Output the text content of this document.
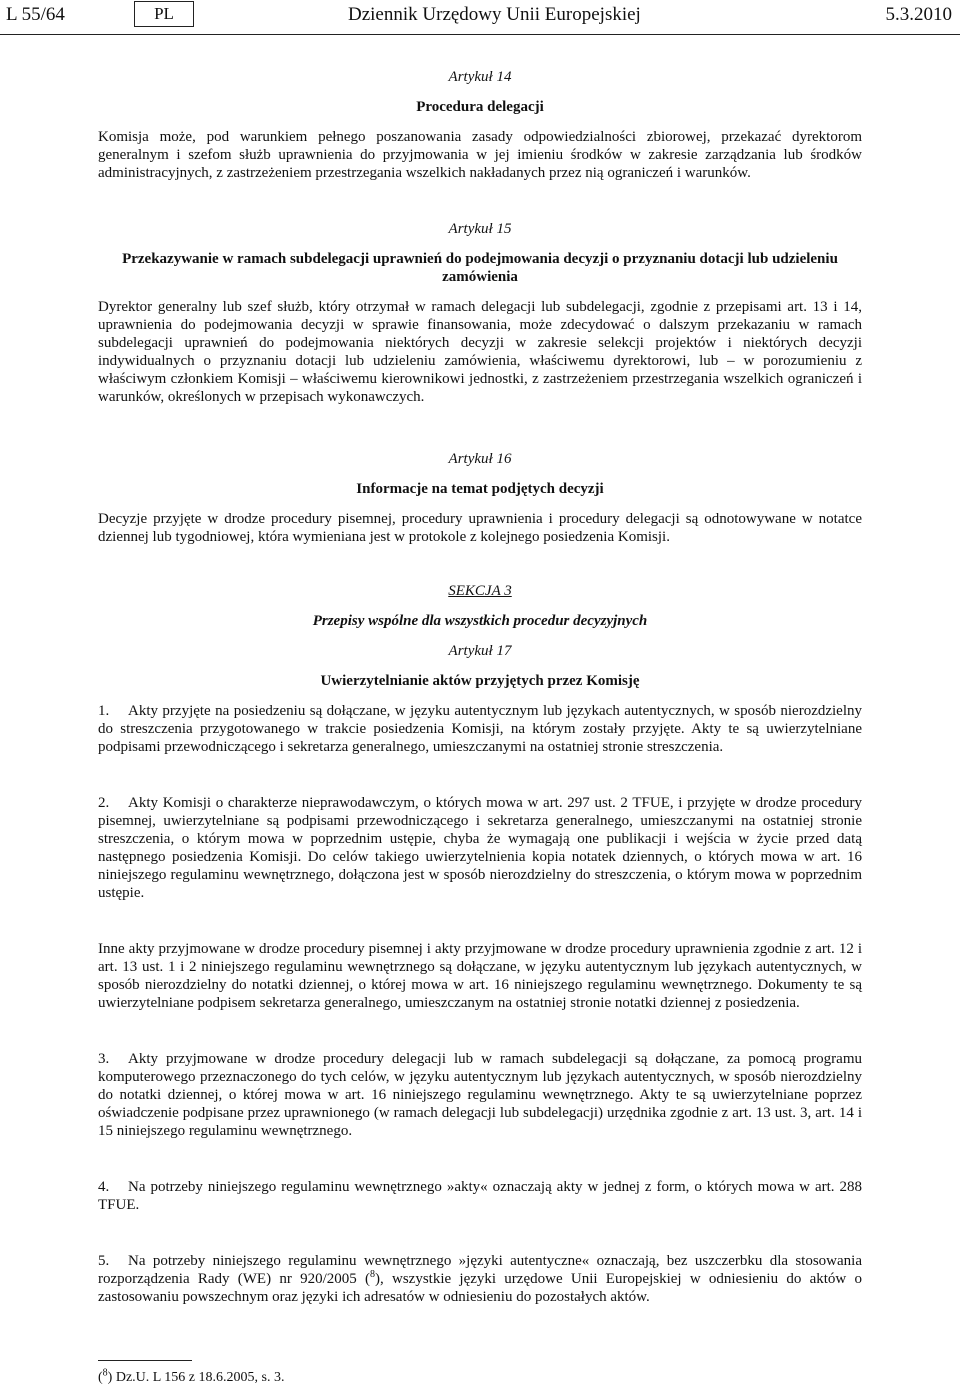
L 55/64	PL	Dziennik Urzędowy Unii Europejskiej	5.3.2010

Artykuł 14

Procedura delegacji

Komisja może, pod warunkiem pełnego poszanowania zasady odpowiedzialności zbiorowej, przekazać dyrektorom generalnym i szefom służb uprawnienia do przyjmowania w jej imieniu środków w zakresie zarządzania lub środków administracyjnych, z zastrzeżeniem przestrzegania wszelkich nakładanych przez nią ograniczeń i warunków.

Artykuł 15

Przekazywanie w ramach subdelegacji uprawnień do podejmowania decyzji o przyznaniu dotacji lub udzieleniu zamówienia

Dyrektor generalny lub szef służb, który otrzymał w ramach delegacji lub subdelegacji, zgodnie z przepisami art. 13 i 14, uprawnienia do podejmowania decyzji w sprawie finansowania, może zdecydować o dalszym przekazaniu w ramach subdelegacji uprawnień do podejmowania niektórych decyzji w zakresie selekcji projektów i niektórych decyzji indywidualnych o przyznaniu dotacji lub udzieleniu zamówienia, właściwemu dyrektorowi, lub – w porozumieniu z właściwym członkiem Komisji – właściwemu kierownikowi jednostki, z zastrzeżeniem przestrzegania wszelkich ograniczeń i warunków, określonych w przepisach wykonawczych.

Artykuł 16

Informacje na temat podjętych decyzji

Decyzje przyjęte w drodze procedury pisemnej, procedury uprawnienia i procedury delegacji są odnotowywane w notatce dziennej lub tygodniowej, która wymieniana jest w protokole z kolejnego posiedzenia Komisji.

SEKCJA 3

Przepisy wspólne dla wszystkich procedur decyzyjnych

Artykuł 17

Uwierzytelnianie aktów przyjętych przez Komisję

1. Akty przyjęte na posiedzeniu są dołączane, w języku autentycznym lub językach autentycznych, w sposób nierozdzielny do streszczenia przygotowanego w trakcie posiedzenia Komisji, na którym zostały przyjęte. Akty te są uwierzytelniane podpisami przewodniczącego i sekretarza generalnego, umieszczanymi na ostatniej stronie streszczenia.

2. Akty Komisji o charakterze nieprawodawczym, o których mowa w art. 297 ust. 2 TFUE, i przyjęte w drodze procedury pisemnej, uwierzytelniane są podpisami przewodniczącego i sekretarza generalnego, umieszczanymi na ostatniej stronie streszczenia, o którym mowa w poprzednim ustępie, chyba że wymagają one publikacji i wejścia w życie przed datą następnego posiedzenia Komisji. Do celów takiego uwierzytelnienia kopia notatek dziennych, o których mowa w art. 16 niniejszego regulaminu wewnętrznego, dołączona jest w sposób nierozdzielny do streszczenia, o którym mowa w poprzednim ustępie.

Inne akty przyjmowane w drodze procedury pisemnej i akty przyjmowane w drodze procedury uprawnienia zgodnie z art. 12 i art. 13 ust. 1 i 2 niniejszego regulaminu wewnętrznego są dołączane, w języku autentycznym lub językach autentycznych, w sposób nierozdzielny do notatki dziennej, o której mowa w art. 16 niniejszego regulaminu wewnętrznego. Dokumenty te są uwierzytelniane podpisem sekretarza generalnego, umieszczanym na ostatniej stronie notatki dziennej z posiedzenia.

3. Akty przyjmowane w drodze procedury delegacji lub w ramach subdelegacji są dołączane, za pomocą programu komputerowego przeznaczonego do tych celów, w języku autentycznym lub językach autentycznych, w sposób nierozdzielny do notatki dziennej, o której mowa w art. 16 niniejszego regulaminu wewnętrznego. Akty te są uwierzytelniane poprzez oświadczenie podpisane przez uprawnionego (w ramach delegacji lub subdelegacji) urzędnika zgodnie z art. 13 ust. 3, art. 14 i 15 niniejszego regulaminu wewnętrznego.

4. Na potrzeby niniejszego regulaminu wewnętrznego »akty« oznaczają akty w jednej z form, o których mowa w art. 288 TFUE.

5. Na potrzeby niniejszego regulaminu wewnętrznego »języki autentyczne« oznaczają, bez uszczerbku dla stosowania rozporządzenia Rady (WE) nr 920/2005 ($^8$), wszystkie języki urzędowe Unii Europejskiej w odniesieniu do aktów o zastosowaniu powszechnym oraz języki ich adresatów w odniesieniu do pozostałych aktów.

($^8$) Dz.U. L 156 z 18.6.2005, s. 3.
